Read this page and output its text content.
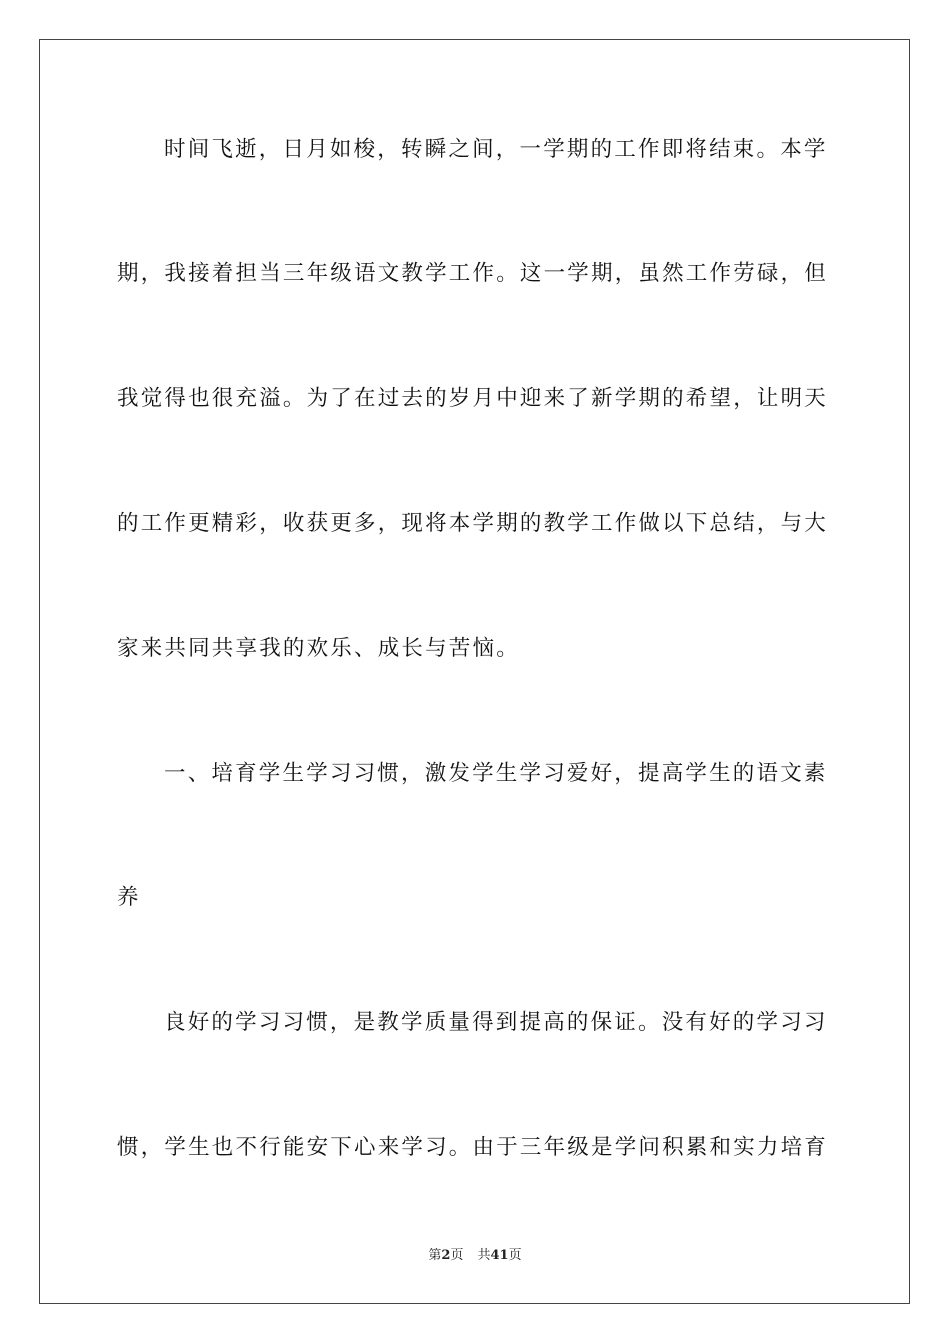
时间飞逝，日月如梭，转瞬之间，一学期的工作即将结束。本学
期，我接着担当三年级语文教学工作。这一学期，虽然工作劳碌，但
我觉得也很充溢。为了在过去的岁月中迎来了新学期的希望，让明天
的工作更精彩，收获更多，现将本学期的教学工作做以下总结，与大
家来共同共享我的欢乐、成长与苦恼。
一、培育学生学习习惯，激发学生学习爱好，提高学生的语文素
养
良好的学习习惯，是教学质量得到提高的保证。没有好的学习习
惯，学生也不行能安下心来学习。由于三年级是学问积累和实力培育
第2页 共41页
